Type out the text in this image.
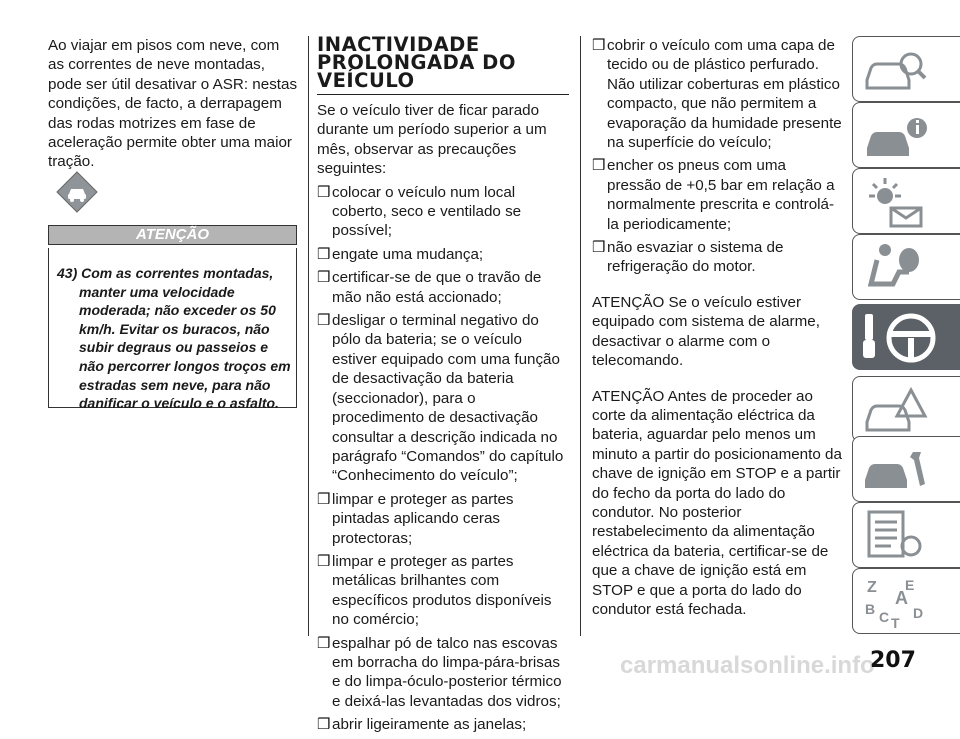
Ao viajar em pisos com neve, com as correntes de neve montadas, pode ser útil desativar o ASR: nestas condições, de facto, a derrapagem das rodas motrizes em fase de aceleração permite obter uma maior tração.

ATENÇÃO
43) Com as correntes montadas,
manter uma velocidade moderada; não exceder os 50 km/h. Evitar os buracos, não subir degraus ou passeios e não percorrer longos troços em estradas sem neve, para não danificar o veículo e o asfalto.
INACTIVIDADE
PROLONGADA DO
VEÍCULO

Se o veículo tiver de ficar parado durante um período superior a um mês, observar as precauções seguintes:

❒ colocar o veículo num local coberto, seco e ventilado se possível;
❒ engate uma mudança;
❒ certificar-se de que o travão de mão não está accionado;
❒ desligar o terminal negativo do pólo da bateria; se o veículo estiver equipado com uma função de desactivação da bateria (seccionador), para o procedimento de desactivação consultar a descrição indicada no parágrafo “Comandos” do capítulo “Conhecimento do veículo”;
❒ limpar e proteger as partes pintadas aplicando ceras protectoras;
❒ limpar e proteger as partes metálicas brilhantes com específicos produtos disponíveis no comércio;
❒ espalhar pó de talco nas escovas em borracha do limpa-pára-brisas e do limpa-óculo-posterior térmico e deixá-las levantadas dos vidros;
❒ abrir ligeiramente as janelas;
❒ cobrir o veículo com uma capa de tecido ou de plástico perfurado. Não utilizar coberturas em plástico compacto, que não permitem a evaporação da humidade presente na superfície do veículo;
❒ encher os pneus com uma pressão de +0,5 bar em relação a normalmente prescrita e controlá-la periodicamente;
❒ não esvaziar o sistema de refrigeração do motor.

ATENÇÃO Se o veículo estiver equipado com sistema de alarme, desactivar o alarme com o telecomando.

ATENÇÃO Antes de proceder ao corte da alimentação eléctrica da bateria, aguardar pelo menos um minuto a partir do posicionamento da chave de ignição em STOP e a partir do fecho da porta do lado do condutor. No posterior restabelecimento da alimentação eléctrica da bateria, certificar-se de que a chave de ignição está em STOP e que a porta do lado do condutor está fechada.

Z E
A
B	D
C T
carmanualsonline.info
207
